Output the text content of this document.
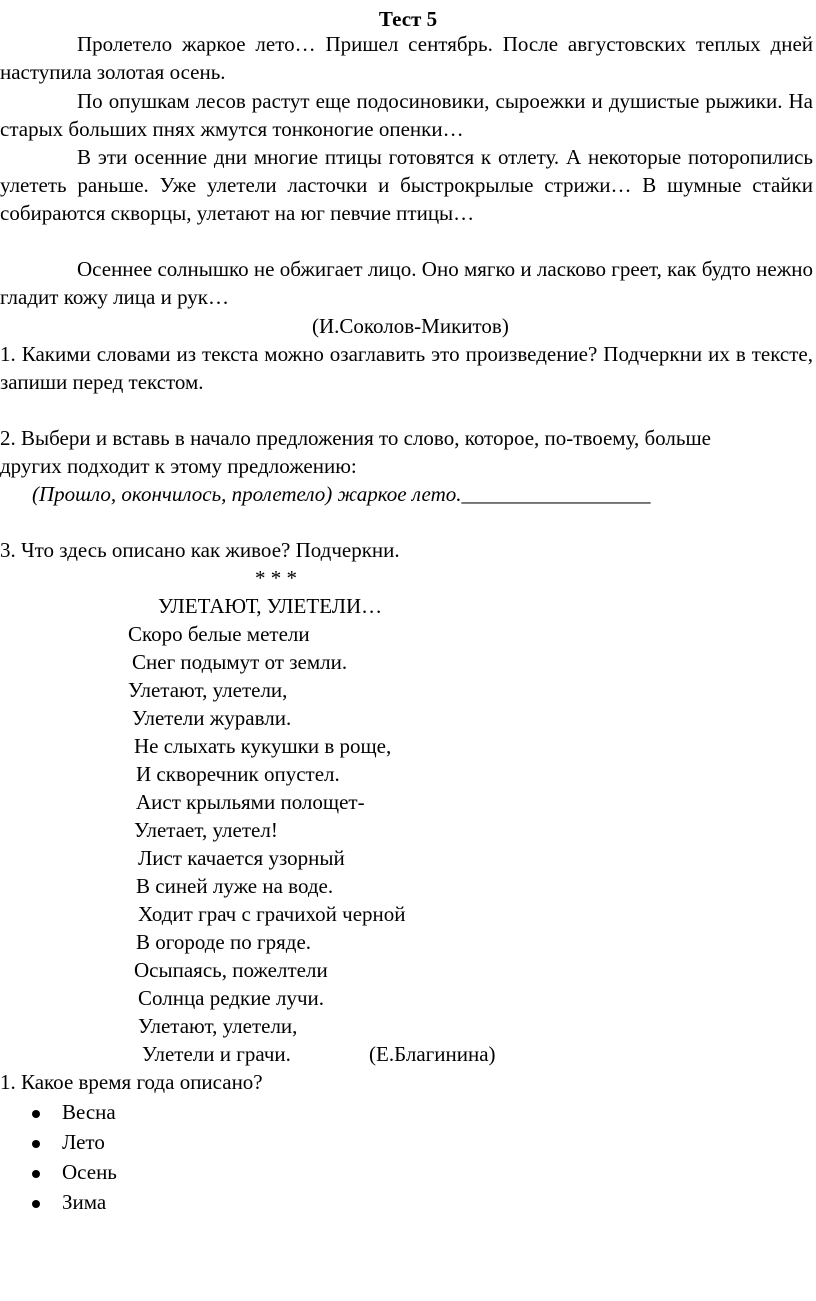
Тест 5

Пролетело жаркое лето… Пришел сентябрь. После августовских теплых дней наступила золотая осень.

По опушкам лесов растут еще подосиновики, сыроежки и душистые рыжики. На старых больших пнях жмутся тонконогие опенки…

В эти осенние дни многие птицы готовятся к отлету. А некоторые поторопились улететь раньше. Уже улетели ласточки и быстрокрылые стрижи… В шумные стайки собираются скворцы, улетают на юг певчие птицы…

Осеннее солнышко не обжигает лицо. Оно мягко и ласково греет, как будто нежно гладит кожу лица и рук…

(И.Соколов-Микитов)

1. Какими словами из текста можно озаглавить это произведение? Подчеркни их в тексте, запиши перед текстом.

2. Выбери и вставь в начало предложения то слово, которое, по-твоему, больше других подходит к этому предложению:

(Прошло, окончилось, пролетело) жаркое лето.__________________
3. Что здесь описано как живое? Подчеркни.
* * *
УЛЕТАЮТ, УЛЕТЕЛИ…
Скоро белые метели
Снег подымут от земли.
Улетают, улетели,
Улетели журавли.
Не слыхать кукушки в роще,
И скворечник опустел.
Аист крыльями полощет-
Улетает, улетел!
Лист качается узорный
В синей луже на воде.
Ходит грач с грачихой черной
В огороде по гряде.
Осыпаясь, пожелтели
Солнца редкие лучи.
Улетают, улетели,
Улетели и грачи.	(Е.Благинина)
1. Какое время года описано?
Весна
Лето
Осень
Зима
